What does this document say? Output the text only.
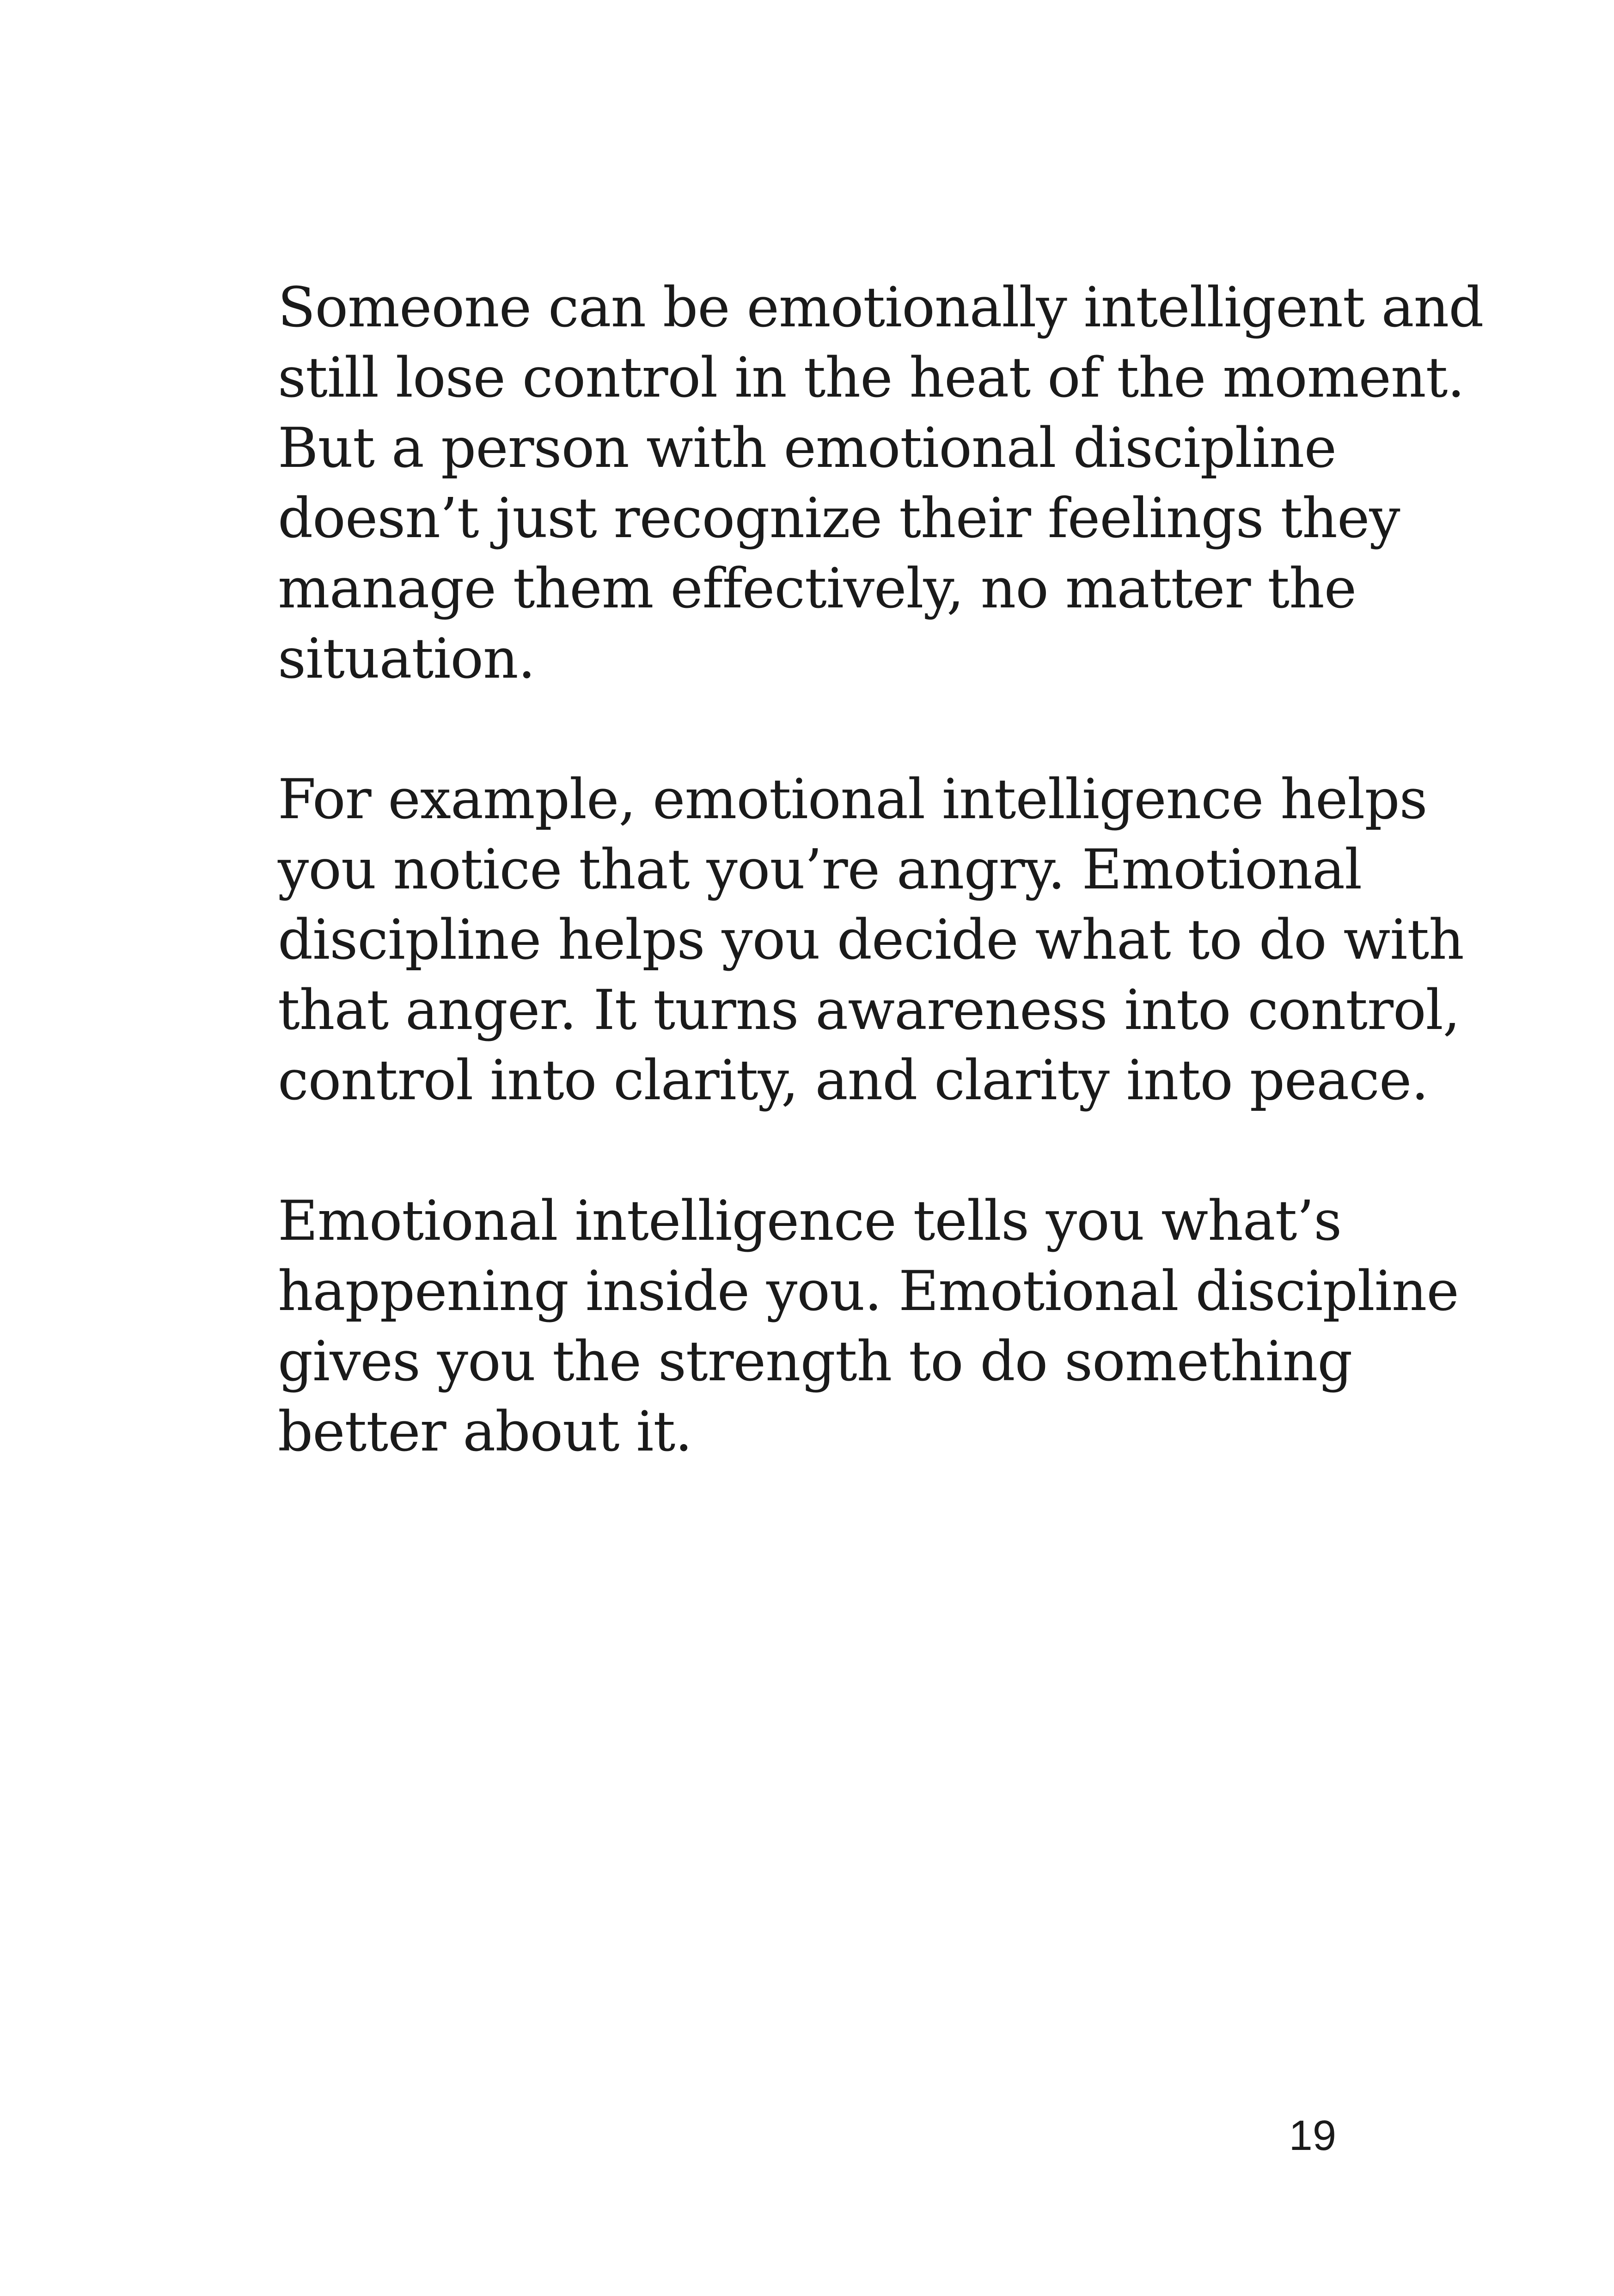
Someone can be emotionally intelligent and
still lose control in the heat of the moment.
But a person with emotional discipline
doesn’t just recognize their feelings they
manage them effectively, no matter the
situation.
For example, emotional intelligence helps
you notice that you’re angry. Emotional
discipline helps you decide what to do with
that anger. It turns awareness into control,
control into clarity, and clarity into peace.
Emotional intelligence tells you what’s
happening inside you. Emotional discipline
gives you the strength to do something
better about it.
19
